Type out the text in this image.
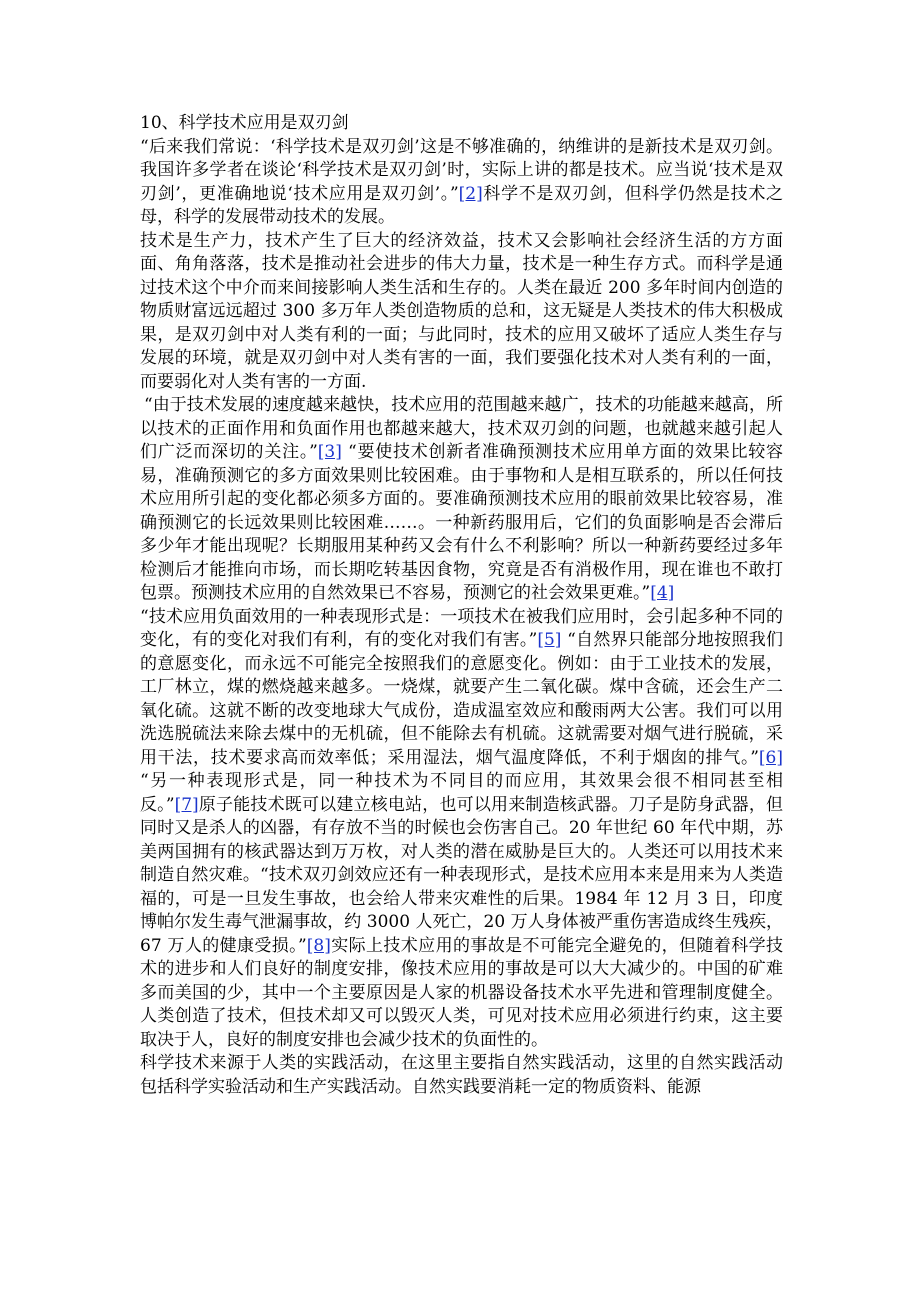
10、科学技术应用是双刃剑

“后来我们常说：‘科学技术是双刃剑’这是不够准确的，纳维讲的是新技术是双刃剑。我国许多学者在谈论‘科学技术是双刃剑’时，实际上讲的都是技术。应当说‘技术是双刃剑’，更准确地说‘技术应用是双刃剑’。”[2]科学不是双刃剑，但科学仍然是技术之母，科学的发展带动技术的发展。

技术是生产力，技术产生了巨大的经济效益，技术又会影响社会经济生活的方方面面、角角落落，技术是推动社会进步的伟大力量，技术是一种生存方式。而科学是通过技术这个中介而来间接影响人类生活和生存的。人类在最近 200 多年时间内创造的物质财富远远超过 300 多万年人类创造物质的总和，这无疑是人类技术的伟大积极成果，是双刃剑中对人类有利的一面；与此同时，技术的应用又破坏了适应人类生存与发展的环境，就是双刃剑中对人类有害的一面，我们要强化技术对人类有利的一面，而要弱化对人类有害的一方面.

“由于技术发展的速度越来越快，技术应用的范围越来越广，技术的功能越来越高，所以技术的正面作用和负面作用也都越来越大，技术双刃剑的问题，也就越来越引起人们广泛而深切的关注。”[3] “要使技术创新者准确预测技术应用单方面的效果比较容易，准确预测它的多方面效果则比较困难。由于事物和人是相互联系的，所以任何技术应用所引起的变化都必须多方面的。要准确预测技术应用的眼前效果比较容易，准确预测它的长远效果则比较困难……。一种新药服用后，它们的负面影响是否会滞后多少年才能出现呢？长期服用某种药又会有什么不利影响？所以一种新药要经过多年检测后才能推向市场，而长期吃转基因食物，究竟是否有消极作用，现在谁也不敢打包票。预测技术应用的自然效果已不容易，预测它的社会效果更难。”[4]

“技术应用负面效用的一种表现形式是：一项技术在被我们应用时，会引起多种不同的变化，有的变化对我们有利，有的变化对我们有害。”[5] “自然界只能部分地按照我们的意愿变化，而永远不可能完全按照我们的意愿变化。例如：由于工业技术的发展，工厂林立，煤的燃烧越来越多。一烧煤，就要产生二氧化碳。煤中含硫，还会生产二氧化硫。这就不断的改变地球大气成份，造成温室效应和酸雨两大公害。我们可以用洗选脱硫法来除去煤中的无机硫，但不能除去有机硫。这就需要对烟气进行脱硫，采用干法，技术要求高而效率低；采用湿法，烟气温度降低，不利于烟囱的排气。”[6] “另一种表现形式是，同一种技术为不同目的而应用，其效果会很不相同甚至相反。”[7]原子能技术既可以建立核电站，也可以用来制造核武器。刀子是防身武器，但同时又是杀人的凶器，有存放不当的时候也会伤害自己。20 年世纪 60 年代中期，苏美两国拥有的核武器达到万万枚，对人类的潜在威胁是巨大的。人类还可以用技术来制造自然灾难。“技术双刃剑效应还有一种表现形式，是技术应用本来是用来为人类造福的，可是一旦发生事故，也会给人带来灾难性的后果。1984 年 12 月 3 日，印度博帕尔发生毒气泄漏事故，约 3000 人死亡，20 万人身体被严重伤害造成终生残疾，67 万人的健康受损。”[8]实际上技术应用的事故是不可能完全避免的，但随着科学技术的进步和人们良好的制度安排，像技术应用的事故是可以大大减少的。中国的矿难多而美国的少，其中一个主要原因是人家的机器设备技术水平先进和管理制度健全。人类创造了技术，但技术却又可以毁灭人类，可见对技术应用必须进行约束，这主要取决于人，良好的制度安排也会减少技术的负面性的。

科学技术来源于人类的实践活动，在这里主要指自然实践活动，这里的自然实践活动包括科学实验活动和生产实践活动。自然实践要消耗一定的物质资料、能源
